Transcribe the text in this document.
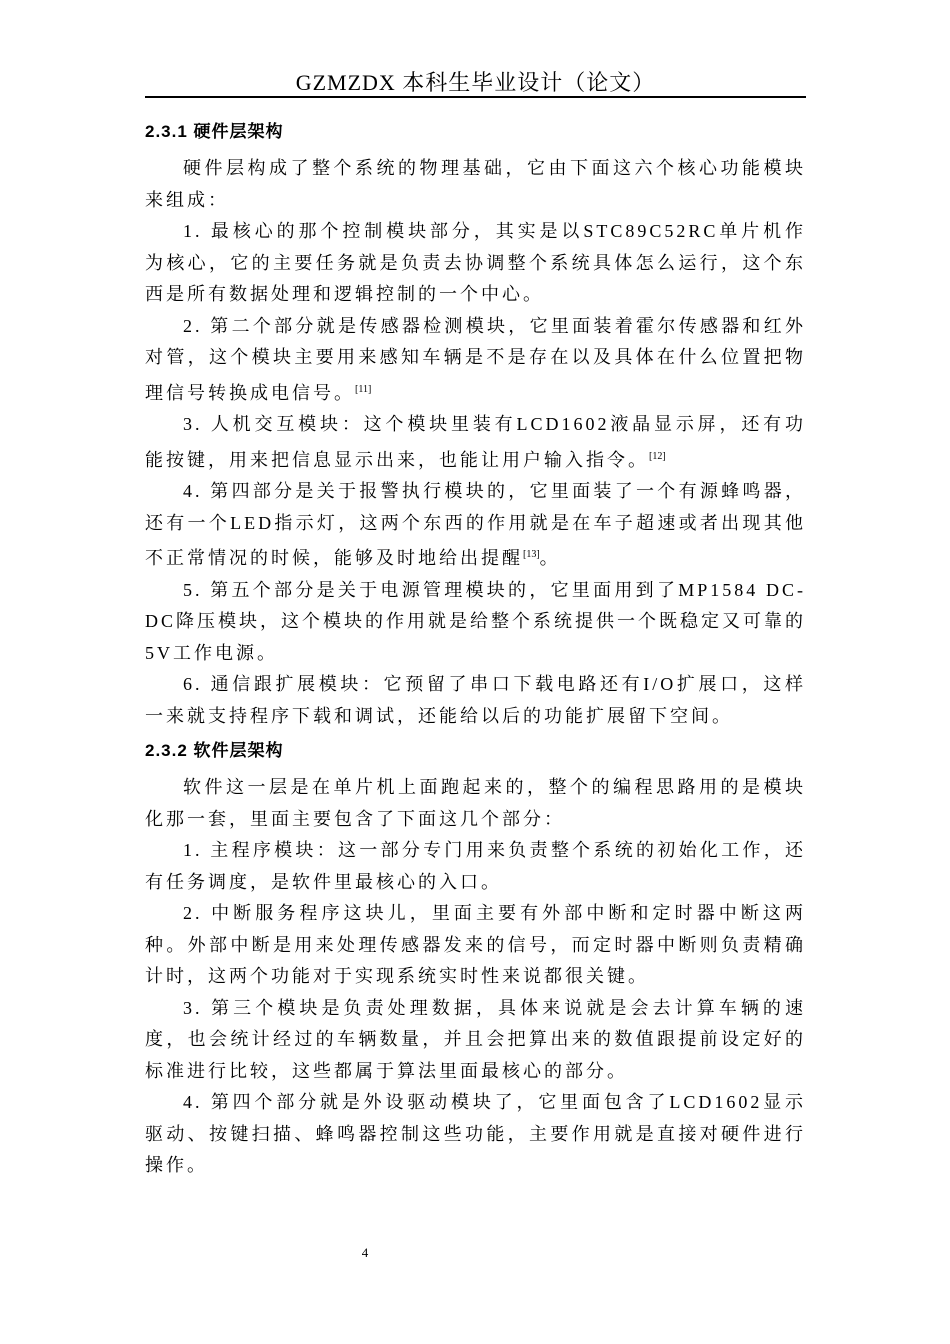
GZMZDX 本科生毕业设计（论文）
2.3.1 硬件层架构

硬件层构成了整个系统的物理基础，它由下面这六个核心功能模块来组成：

1. 最核心的那个控制模块部分，其实是以STC89C52RC单片机作为核心，它的主要任务就是负责去协调整个系统具体怎么运行，这个东西是所有数据处理和逻辑控制的一个中心。

2. 第二个部分就是传感器检测模块，它里面装着霍尔传感器和红外对管，这个模块主要用来感知车辆是不是存在以及具体在什么位置把物理信号转换成电信号。[11]

3. 人机交互模块：这个模块里装有LCD1602液晶显示屏，还有功能按键，用来把信息显示出来，也能让用户输入指令。[12]

4. 第四部分是关于报警执行模块的，它里面装了一个有源蜂鸣器，还有一个LED指示灯，这两个东西的作用就是在车子超速或者出现其他不正常情况的时候，能够及时地给出提醒[13]。

5. 第五个部分是关于电源管理模块的，它里面用到了MP1584 DC-DC降压模块，这个模块的作用就是给整个系统提供一个既稳定又可靠的5V工作电源。

6. 通信跟扩展模块：它预留了串口下载电路还有I/O扩展口，这样一来就支持程序下载和调试，还能给以后的功能扩展留下空间。

2.3.2 软件层架构

软件这一层是在单片机上面跑起来的，整个的编程思路用的是模块化那一套，里面主要包含了下面这几个部分：

1. 主程序模块：这一部分专门用来负责整个系统的初始化工作，还有任务调度，是软件里最核心的入口。

2. 中断服务程序这块儿，里面主要有外部中断和定时器中断这两种。外部中断是用来处理传感器发来的信号，而定时器中断则负责精确计时，这两个功能对于实现系统实时性来说都很关键。

3. 第三个模块是负责处理数据，具体来说就是会去计算车辆的速度，也会统计经过的车辆数量，并且会把算出来的数值跟提前设定好的标准进行比较，这些都属于算法里面最核心的部分。

4. 第四个部分就是外设驱动模块了，它里面包含了LCD1602显示驱动、按键扫描、蜂鸣器控制这些功能，主要作用就是直接对硬件进行操作。

4
